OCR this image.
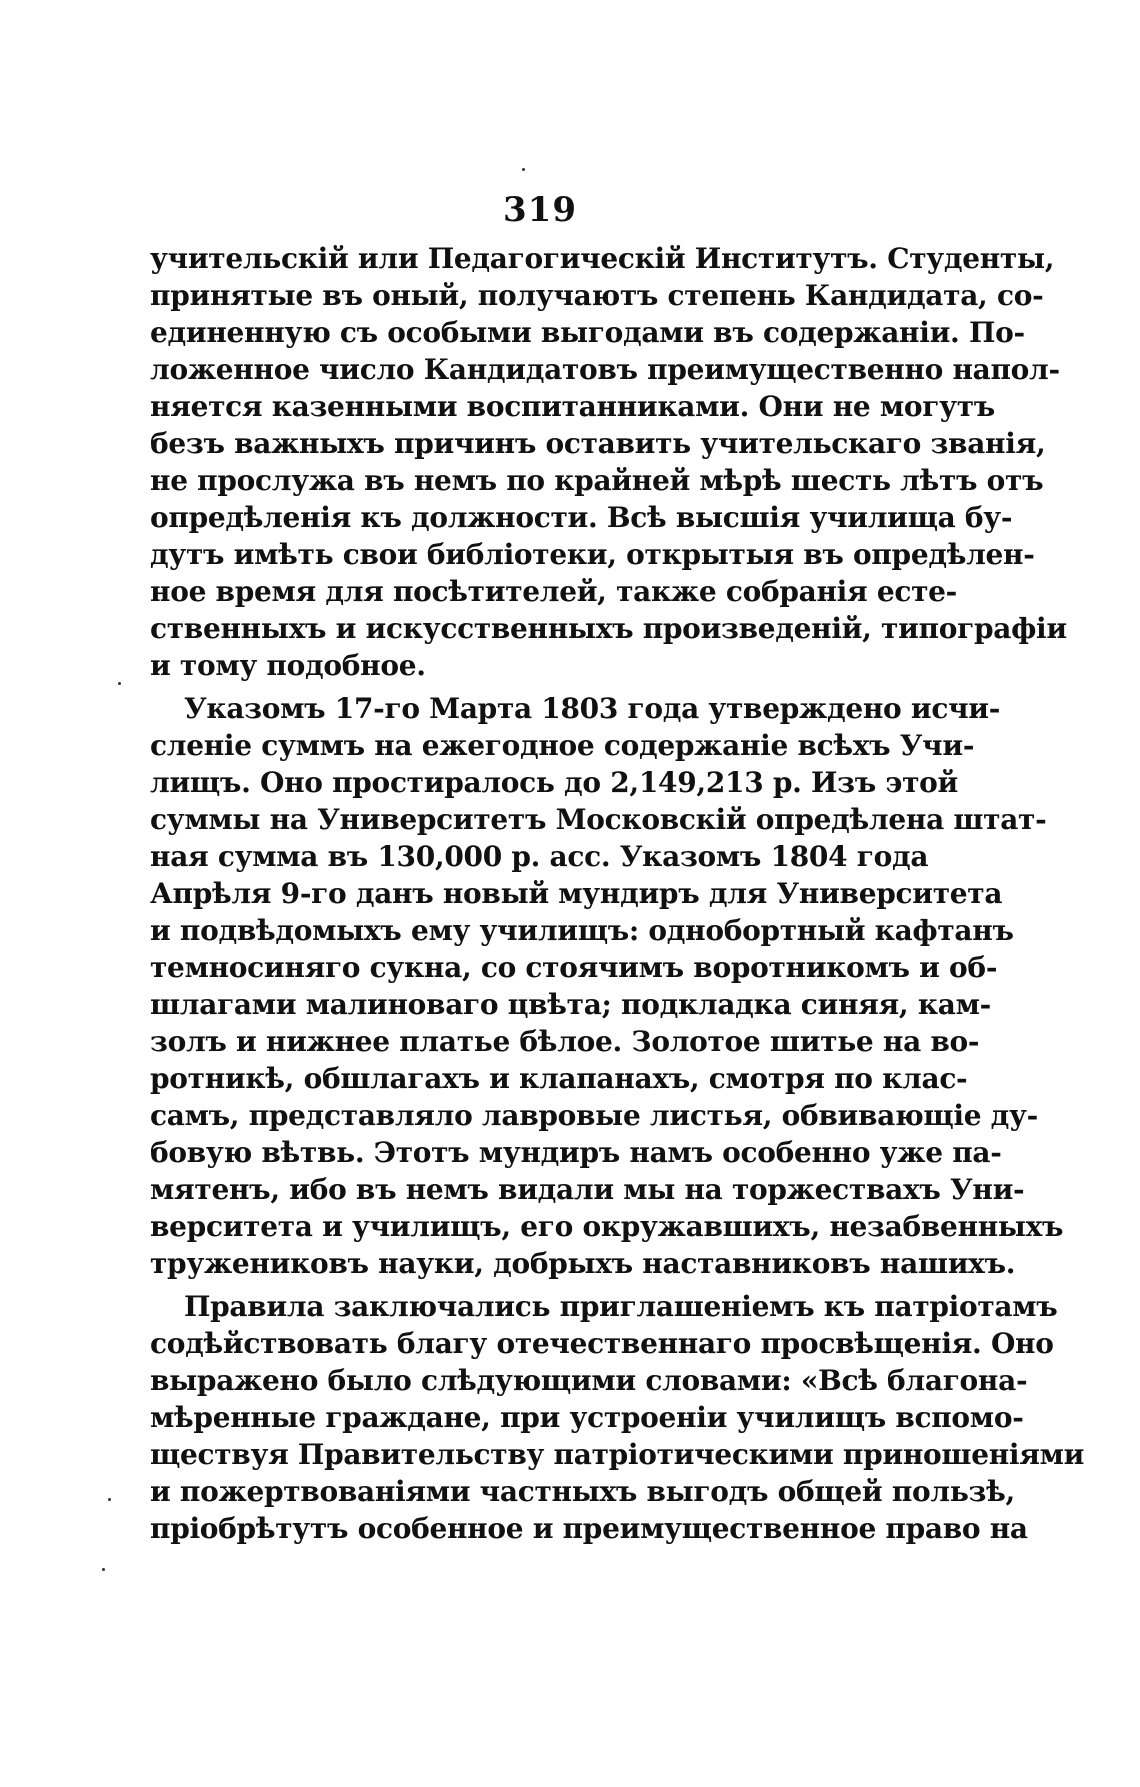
319
учительскій или Педагогическій Институтъ. Студенты,
принятые въ оный, получаютъ степень Кандидата, со-
единенную съ особыми выгодами въ содержаніи. По-
ложенное число Кандидатовъ преимущественно напол-
няется казенными воспитанниками. Они не могутъ
безъ важныхъ причинъ оставить учительскаго званія,
не прослужа въ немъ по крайней мѣрѣ шесть лѣтъ отъ
опредѣленія къ должности. Всѣ высшія училища бу-
дутъ имѣть свои библіотеки, открытыя въ опредѣлен-
ное время для посѣтителей, также собранія есте-
ственныхъ и искусственныхъ произведеній, типографіи
и тому подобное.
Указомъ 17-го Марта 1803 года утверждено исчи-
сленіе суммъ на ежегодное содержаніе всѣхъ Учи-
лищъ. Оно простиралось до 2,149,213 р. Изъ этой
суммы на Университетъ Московскій опредѣлена штат-
ная сумма въ 130,000 р. асс. Указомъ 1804 года
Апрѣля 9-го данъ новый мундиръ для Университета
и подвѣдомыхъ ему училищъ: однобортный кафтанъ
темносиняго сукна, со стоячимъ воротникомъ и об-
шлагами малиноваго цвѣта; подкладка синяя, кам-
золъ и нижнее платье бѣлое. Золотое шитье на во-
ротникѣ, обшлагахъ и клапанахъ, смотря по клас-
самъ, представляло лавровые листья, обвивающіе ду-
бовую вѣтвь. Этотъ мундиръ намъ особенно уже па-
мятенъ, ибо въ немъ видали мы на торжествахъ Уни-
верситета и училищъ, его окружавшихъ, незабвенныхъ
тружениковъ науки, добрыхъ наставниковъ нашихъ.
Правила заключались приглашеніемъ къ патріотамъ
содѣйствовать благу отечественнаго просвѣщенія. Оно
выражено было слѣдующими словами: «Всѣ благона-
мѣренные граждане, при устроеніи училищъ вспомо-
ществуя Правительству патріотическими приношеніями
и пожертвованіями частныхъ выгодъ общей пользѣ,
пріобрѣтутъ особенное и преимущественное право на
